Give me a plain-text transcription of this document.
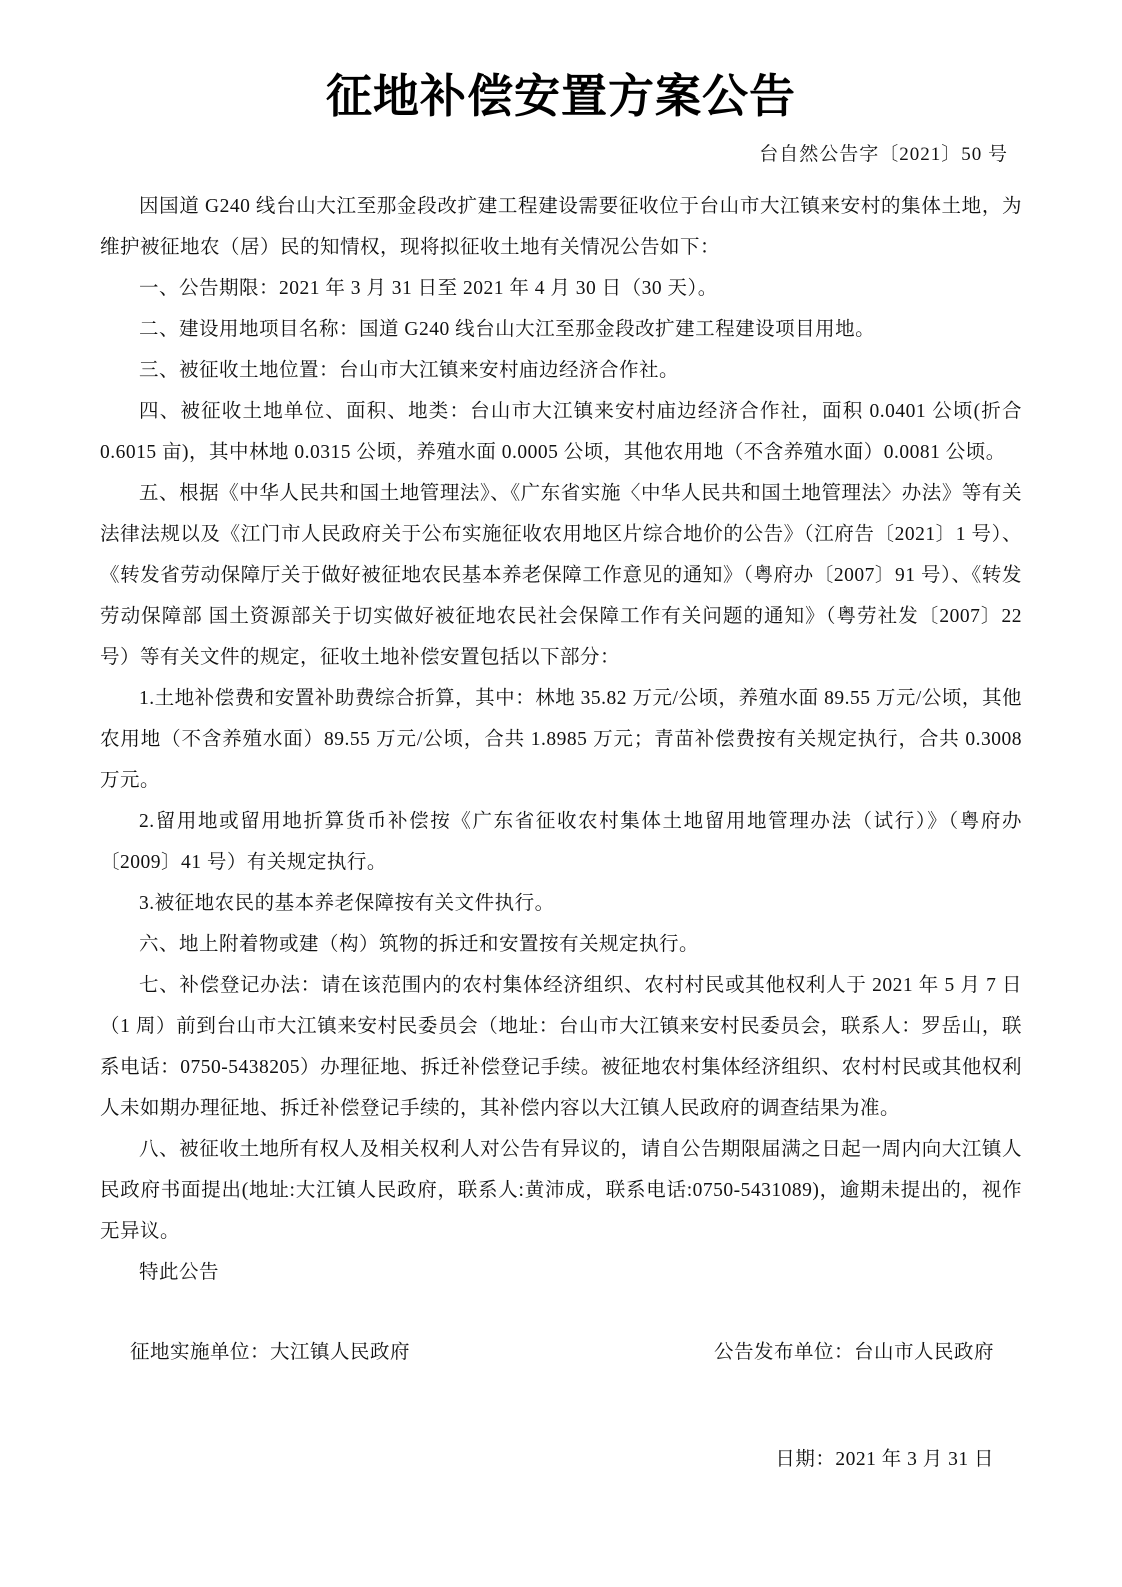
征地补偿安置方案公告
台自然公告字〔2021〕50 号

因国道 G240 线台山大江至那金段改扩建工程建设需要征收位于台山市大江镇来安村的集体土地，为维护被征地农（居）民的知情权，现将拟征收土地有关情况公告如下：

一、公告期限：2021 年 3 月 31 日至 2021 年 4 月 30 日（30 天）。

二、建设用地项目名称：国道 G240 线台山大江至那金段改扩建工程建设项目用地。

三、被征收土地位置：台山市大江镇来安村庙边经济合作社。

四、被征收土地单位、面积、地类：台山市大江镇来安村庙边经济合作社，面积 0.0401 公顷(折合 0.6015 亩)，其中林地 0.0315 公顷，养殖水面 0.0005 公顷，其他农用地（不含养殖水面）0.0081 公顷。

五、根据《中华人民共和国土地管理法》、《广东省实施〈中华人民共和国土地管理法〉办法》等有关法律法规以及《江门市人民政府关于公布实施征收农用地区片综合地价的公告》（江府告〔2021〕1 号）、《转发省劳动保障厅关于做好被征地农民基本养老保障工作意见的通知》（粤府办〔2007〕91 号）、《转发劳动保障部 国土资源部关于切实做好被征地农民社会保障工作有关问题的通知》（粤劳社发〔2007〕22 号）等有关文件的规定，征收土地补偿安置包括以下部分：

1.土地补偿费和安置补助费综合折算，其中：林地 35.82 万元/公顷，养殖水面 89.55 万元/公顷，其他农用地（不含养殖水面）89.55 万元/公顷，合共 1.8985 万元；青苗补偿费按有关规定执行，合共 0.3008 万元。

2.留用地或留用地折算货币补偿按《广东省征收农村集体土地留用地管理办法（试行）》（粤府办〔2009〕41 号）有关规定执行。

3.被征地农民的基本养老保障按有关文件执行。

六、地上附着物或建（构）筑物的拆迁和安置按有关规定执行。

七、补偿登记办法：请在该范围内的农村集体经济组织、农村村民或其他权利人于 2021 年 5 月 7 日（1 周）前到台山市大江镇来安村民委员会（地址：台山市大江镇来安村民委员会，联系人：罗岳山，联系电话：0750-5438205）办理征地、拆迁补偿登记手续。被征地农村集体经济组织、农村村民或其他权利人未如期办理征地、拆迁补偿登记手续的，其补偿内容以大江镇人民政府的调查结果为准。

八、被征收土地所有权人及相关权利人对公告有异议的，请自公告期限届满之日起一周内向大江镇人民政府书面提出(地址:大江镇人民政府，联系人:黄沛成，联系电话:0750-5431089)，逾期未提出的，视作无异议。

特此公告

征地实施单位：大江镇人民政府	公告发布单位：台山市人民政府
日期：2021 年 3 月 31 日
